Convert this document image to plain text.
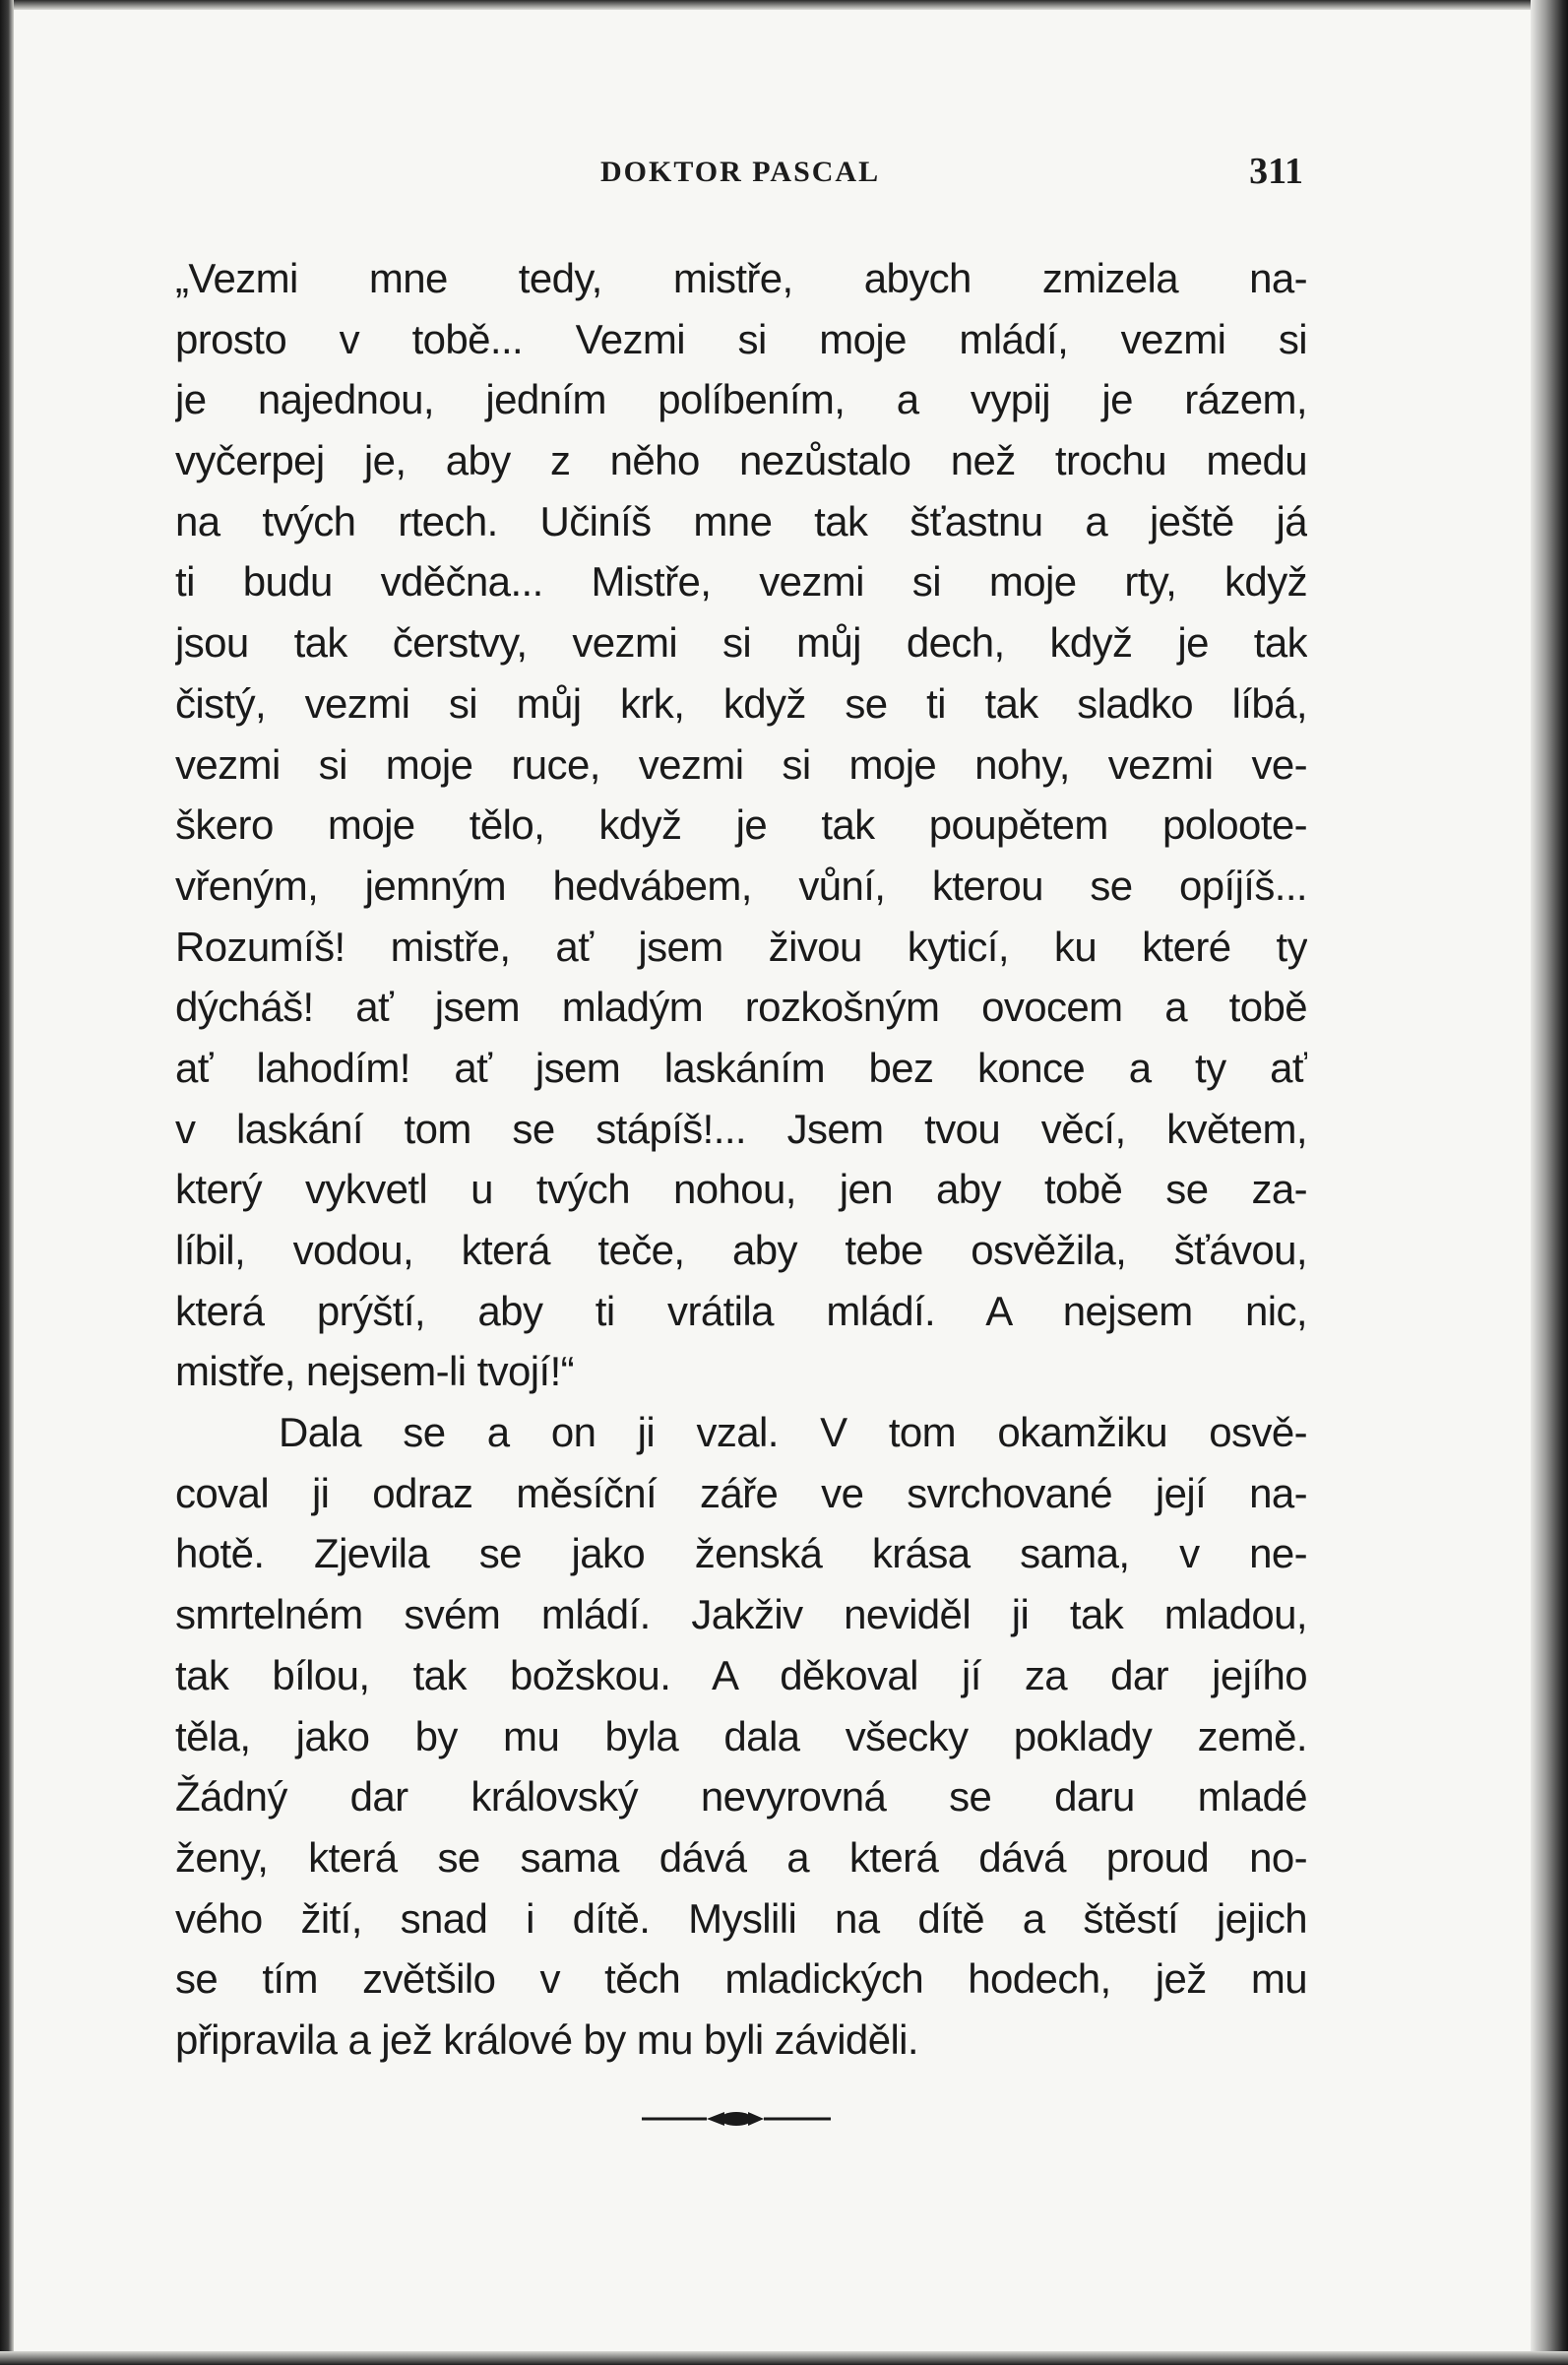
DOKTOR PASCAL	311
„Vezmi mne tedy, mistře, abych zmizela na-
prosto v tobě... Vezmi si moje mládí, vezmi si
je najednou, jedním políbením, a vypij je rázem,
vyčerpej je, aby z něho nezůstalo než trochu medu
na tvých rtech. Učiníš mne tak šťastnu a ještě já
ti budu vděčna... Mistře, vezmi si moje rty, když
jsou tak čerstvy, vezmi si můj dech, když je tak
čistý, vezmi si můj krk, když se ti tak sladko líbá,
vezmi si moje ruce, vezmi si moje nohy, vezmi ve-
škero moje tělo, když je tak poupětem polootе-
vřeným, jemným hedvábem, vůní, kterou se opíjíš...
Rozumíš! mistře, ať jsem živou kyticí, ku které ty
dýcháš! ať jsem mladým rozkošným ovocem a tobě
ať lahodím! ať jsem laskáním bez konce a ty ať
v laskání tom se stápíš!... Jsem tvou věcí, květem,
který vykvetl u tvých nohou, jen aby tobě se za-
líbil, vodou, která teče, aby tebe osvěžila, šťávou,
která prýští, aby ti vrátila mládí. A nejsem nic,
mistře, nejsem-li tvojí!“
Dala se a on ji vzal. V tom okamžiku osvě-
coval ji odraz měsíční záře ve svrchované její na-
hotě. Zjevila se jako ženská krása sama, v ne-
smrtelném svém mládí. Jakživ neviděl ji tak mladou,
tak bílou, tak božskou. A děkoval jí za dar jejího
těla, jako by mu byla dala všecky poklady země.
Žádný dar královský nevyrovná se daru mladé
ženy, která se sama dává a která dává proud no-
vého žití, snad i dítě. Myslili na dítě a štěstí jejich
se tím zvětšilo v těch mladických hodech, jež mu
připravila a jež králové by mu byli záviděli.
